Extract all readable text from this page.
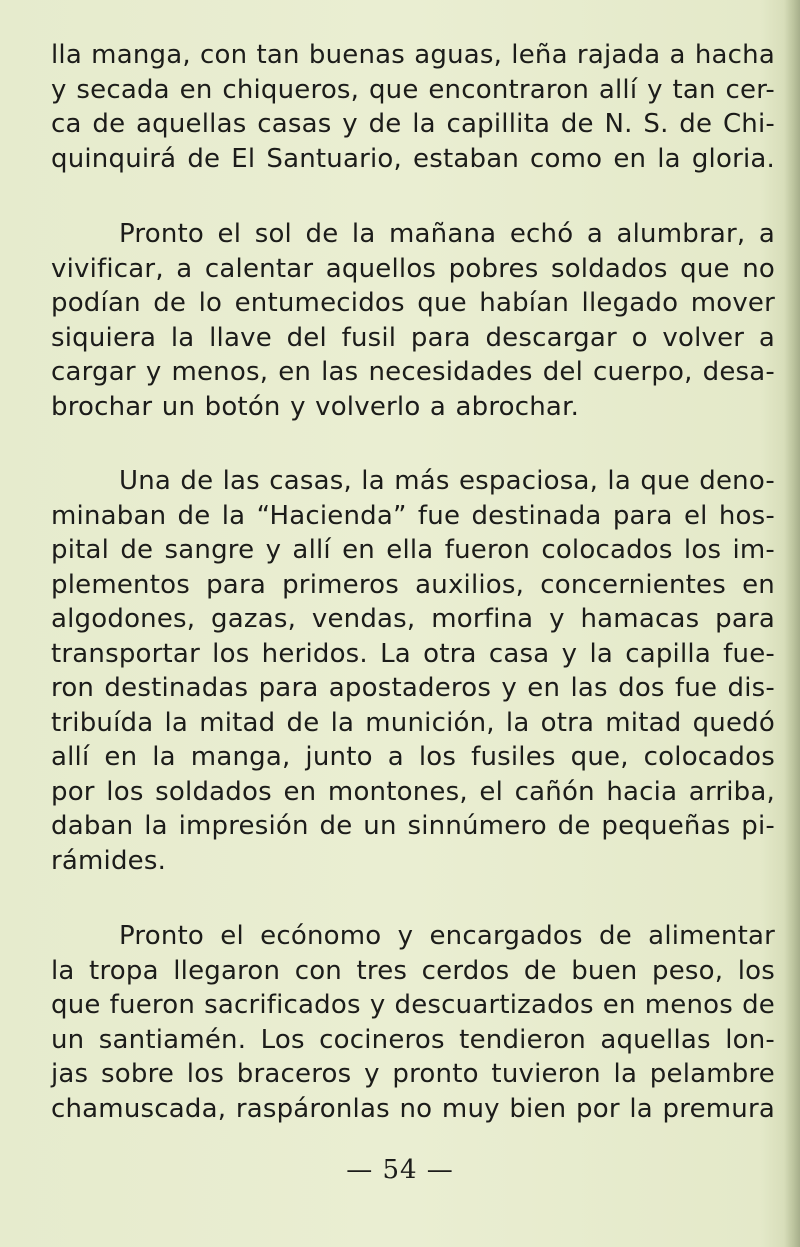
lla manga, con tan buenas aguas, leña rajada a hacha
y secada en chiqueros, que encontraron allí y tan cer-
ca de aquellas casas y de la capillita de N. S. de Chi-
quinquirá de El Santuario, estaban como en la gloria.

Pronto el sol de la mañana echó a alumbrar, a
vivificar, a calentar aquellos pobres soldados que no
podían de lo entumecidos que habían llegado mover
siquiera la llave del fusil para descargar o volver a
cargar y menos, en las necesidades del cuerpo, desa-
brochar un botón y volverlo a abrochar.

Una de las casas, la más espaciosa, la que deno-
minaban de la “Hacienda” fue destinada para el hos-
pital de sangre y allí en ella fueron colocados los im-
plementos para primeros auxilios, concernientes en
algodones, gazas, vendas, morfina y hamacas para
transportar los heridos. La otra casa y la capilla fue-
ron destinadas para apostaderos y en las dos fue dis-
tribuída la mitad de la munición, la otra mitad quedó
allí en la manga, junto a los fusiles que, colocados
por los soldados en montones, el cañón hacia arriba,
daban la impresión de un sinnúmero de pequeñas pi-
rámides.

Pronto el ecónomo y encargados de alimentar
la tropa llegaron con tres cerdos de buen peso, los
que fueron sacrificados y descuartizados en menos de
un santiamén. Los cocineros tendieron aquellas lon-
jas sobre los braceros y pronto tuvieron la pelambre
chamuscada, raspáronlas no muy bien por la premura

— 54 —
